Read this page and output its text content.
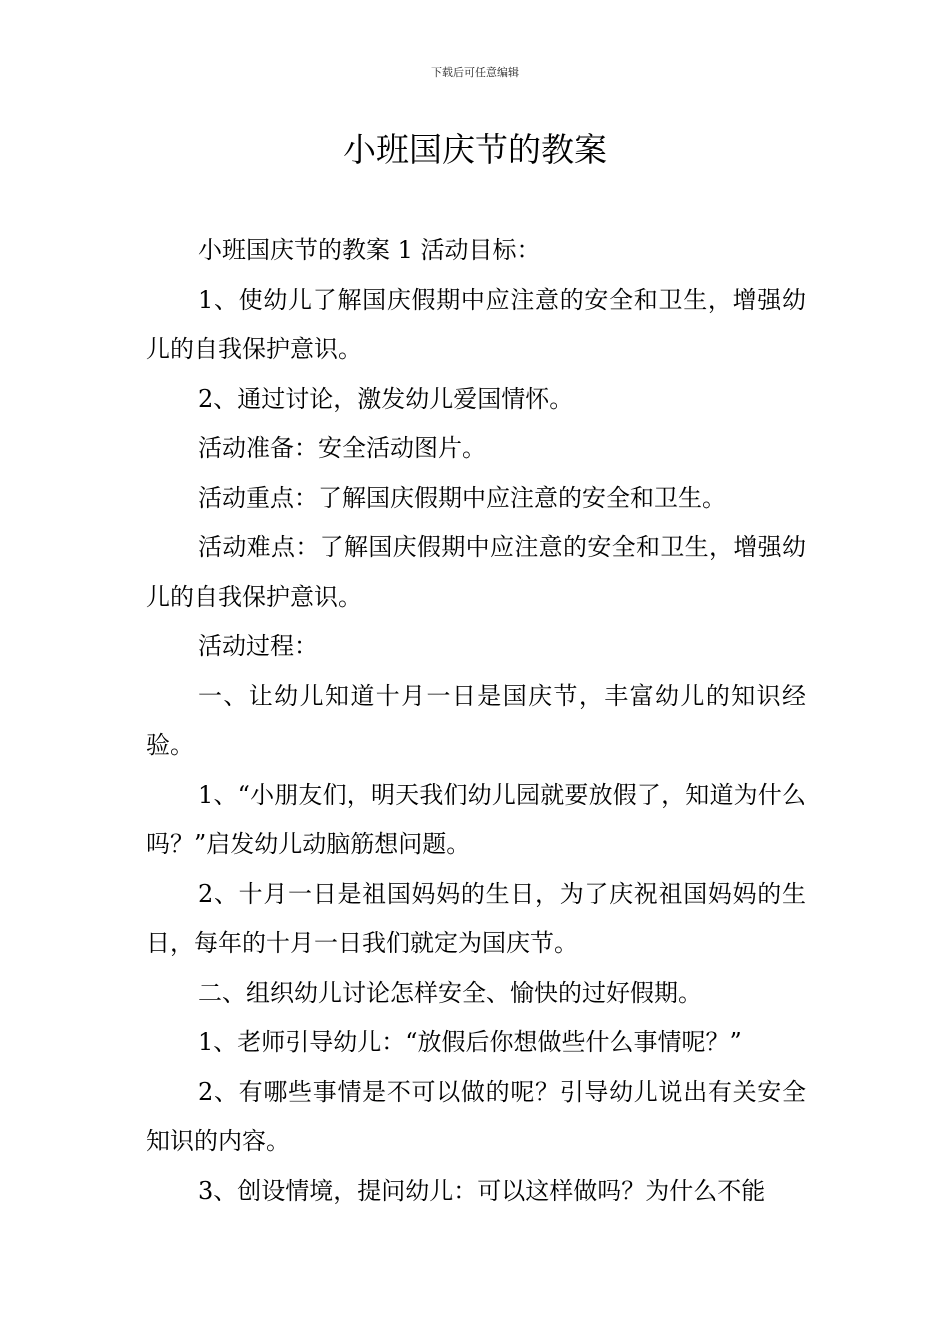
下载后可任意编辑
小班国庆节的教案

小班国庆节的教案 1 活动目标：

1、使幼儿了解国庆假期中应注意的安全和卫生，增强幼儿的自我保护意识。

2、通过讨论，激发幼儿爱国情怀。

活动准备：安全活动图片。

活动重点：了解国庆假期中应注意的安全和卫生。

活动难点：了解国庆假期中应注意的安全和卫生，增强幼儿的自我保护意识。

活动过程：

一、让幼儿知道十月一日是国庆节，丰富幼儿的知识经验。

1、“小朋友们，明天我们幼儿园就要放假了，知道为什么吗？”启发幼儿动脑筋想问题。

2、十月一日是祖国妈妈的生日，为了庆祝祖国妈妈的生日，每年的十月一日我们就定为国庆节。

二、组织幼儿讨论怎样安全、愉快的过好假期。

1、老师引导幼儿：“放假后你想做些什么事情呢？”

2、有哪些事情是不可以做的呢？引导幼儿说出有关安全知识的内容。

3、创设情境，提问幼儿：可以这样做吗？为什么不能
